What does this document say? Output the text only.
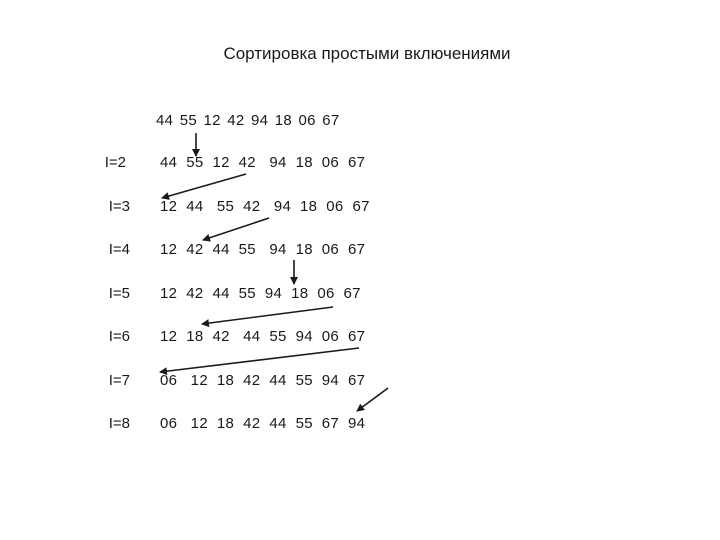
Сортировка простыми включениями
44 55 12 42 94 18 06 67
I=2 44  55  12  42   94  18  06  67
I=3 12  44   55  42   94  18  06  67
I=4 12  42  44  55   94  18  06  67
I=5 12  42  44  55  94  18  06  67
I=6 12  18  42   44  55  94  06  67
I=7 06   12  18  42  44  55  94  67
I=8 06   12  18  42  44  55  67  94
